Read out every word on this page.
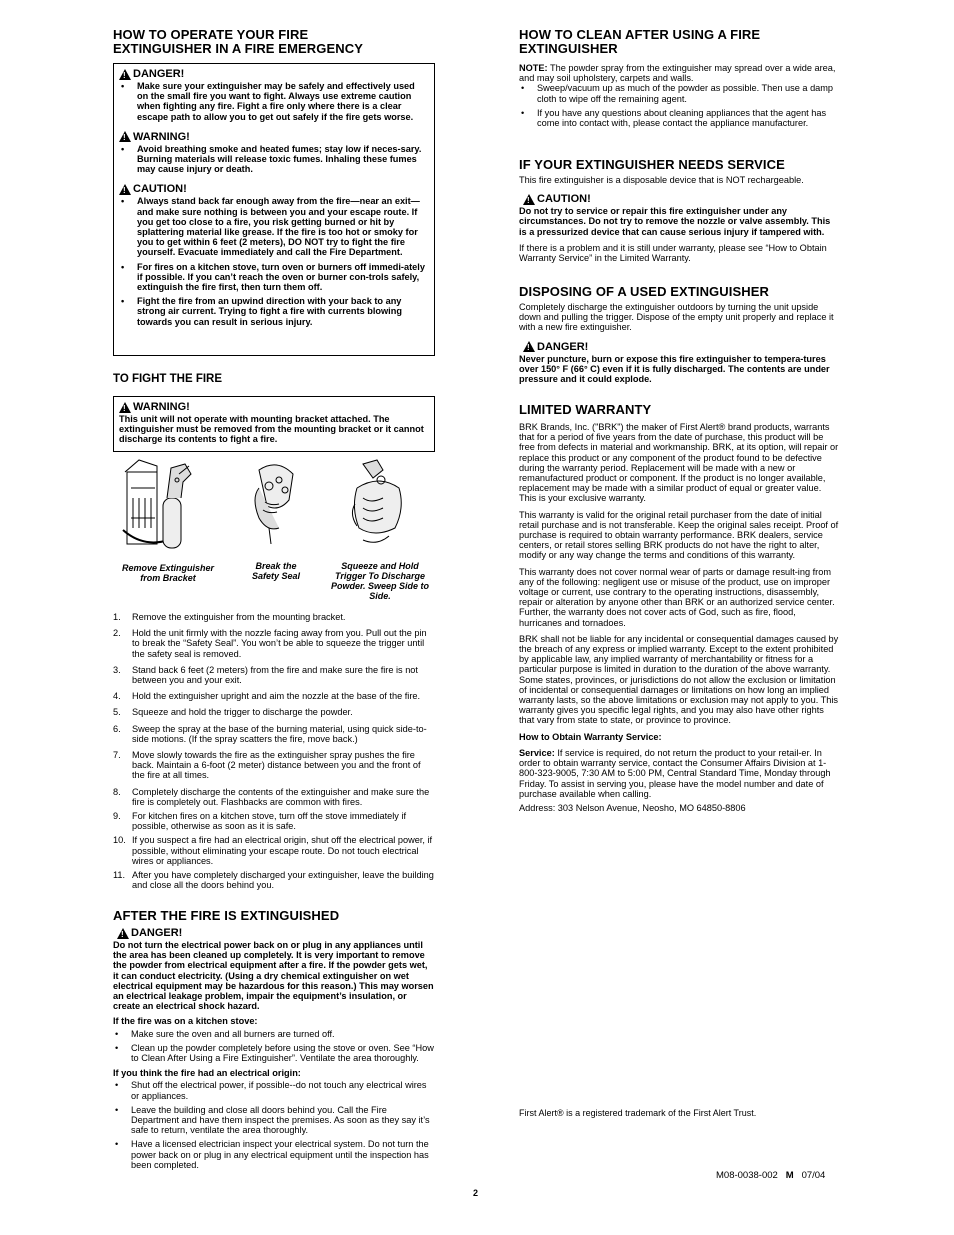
HOW TO OPERATE YOUR FIRE
EXTINGUISHER IN A FIRE EMERGENCY
!
DANGER!
• Make sure your extinguisher may be safely and effectively used on the small fire you want to fight. Always use extreme caution when fighting any fire. Fight a fire only where there is a clear escape path to allow you to get out safely if the fire gets worse.
!
WARNING!
• Avoid breathing smoke and heated fumes; stay low if neces-sary. Burning materials will release toxic fumes. Inhaling these fumes may cause injury or death.
!
CAUTION!
• Always stand back far enough away from the fire—near an exit—and make sure nothing is between you and your escape route. If you get too close to a fire, you risk getting burned or hit by splattering material like grease. If the fire is too hot or smoky for you to get within 6 feet (2 meters), DO NOT try to fight the fire yourself. Evacuate immediately and call the Fire Department.
• For fires on a kitchen stove, turn oven or burners off immedi-ately if possible. If you can’t reach the oven or burner con-trols safely, extinguish the fire first, then turn them off.
• Fight the fire from an upwind direction with your back to any strong air current. Trying to fight a fire with currents blowing towards you can result in serious injury.
TO FIGHT THE FIRE
!
WARNING!

This unit will not operate with mounting bracket attached. The extinguisher must be removed from the mounting bracket or it cannot discharge its contents to fight a fire.

Remove Extinguisher from Bracket
Break the Safety Seal
Squeeze and Hold Trigger To Discharge Powder. Sweep Side to Side.
1. Remove the extinguisher from the mounting bracket.
2. Hold the unit firmly with the nozzle facing away from you. Pull out the pin to break the “Safety Seal”. You won’t be able to squeeze the trigger until the safety seal is removed.
3. Stand back 6 feet (2 meters) from the fire and make sure the fire is not between you and your exit.
4. Hold the extinguisher upright and aim the nozzle at the base of the fire.
5. Squeeze and hold the trigger to discharge the powder.
6. Sweep the spray at the base of the burning material, using quick side-to-side motions. (If the spray scatters the fire, move back.)
7. Move slowly towards the fire as the extinguisher spray pushes the fire back. Maintain a 6-foot (2 meter) distance between you and the front of the fire at all times.
8. Completely discharge the contents of the extinguisher and make sure the fire is completely out. Flashbacks are common with fires.
9. For kitchen fires on a kitchen stove, turn off the stove immediately if possible, otherwise as soon as it is safe.
10. If you suspect a fire had an electrical origin, shut off the electrical power, if possible, without eliminating your escape route. Do not touch electrical wires or appliances.
11. After you have completely discharged your extinguisher, leave the building and close all the doors behind you.
AFTER THE FIRE IS EXTINGUISHED
!
DANGER!

Do not turn the electrical power back on or plug in any appliances until the area has been cleaned up completely. It is very important to remove the powder from electrical equipment after a fire. If the powder gets wet, it can conduct electricity. (Using a dry chemical extinguisher on wet electrical equipment may be hazardous for this reason.) This may worsen an electrical leakage problem, impair the equipment’s insulation, or create an electrical shock hazard.

If the fire was on a kitchen stove:

• Make sure the oven and all burners are turned off.
• Clean up the powder completely before using the stove or oven. See “How to Clean After Using a Fire Extinguisher”. Ventilate the area thoroughly.

If you think the fire had an electrical origin:

• Shut off the electrical power, if possible--do not touch any electrical wires or appliances.
• Leave the building and close all doors behind you. Call the Fire Department and have them inspect the premises. As soon as they say it’s safe to return, ventilate the area thoroughly.
• Have a licensed electrician inspect your electrical system. Do not turn the power back on or plug in any electrical equipment until the inspection has been completed.
HOW TO CLEAN AFTER USING A FIRE
EXTINGUISHER

NOTE: The powder spray from the extinguisher may spread over a wide area, and may soil upholstery, carpets and walls.

• Sweep/vacuum up as much of the powder as possible. Then use a damp cloth to wipe off the remaining agent.
• If you have any questions about cleaning appliances that the agent has come into contact with, please contact the appliance manufacturer.
IF YOUR EXTINGUISHER NEEDS SERVICE

This fire extinguisher is a disposable device that is NOT rechargeable.

!
CAUTION!

Do not try to service or repair this fire extinguisher under any circumstances. Do not try to remove the nozzle or valve assembly. This is a pressurized device that can cause serious injury if tampered with.

If there is a problem and it is still under warranty, please see “How to Obtain Warranty Service” in the Limited Warranty.

DISPOSING OF A USED EXTINGUISHER

Completely discharge the extinguisher outdoors by turning the unit upside down and pulling the trigger. Dispose of the empty unit properly and replace it with a new fire extinguisher.

!
DANGER!

Never puncture, burn or expose this fire extinguisher to tempera-tures over 150° F (66° C) even if it is fully discharged. The contents are under pressure and it could explode.

LIMITED WARRANTY

BRK Brands, Inc. ("BRK") the maker of First Alert® brand products, warrants that for a period of five years from the date of purchase, this product will be free from defects in material and workmanship. BRK, at its option, will repair or replace this product or any component of the product found to be defective during the warranty period. Replacement will be made with a new or remanufactured product or component. If the product is no longer available, replacement may be made with a similar product of equal or greater value. This is your exclusive warranty.

This warranty is valid for the original retail purchaser from the date of initial retail purchase and is not transferable. Keep the original sales receipt. Proof of purchase is required to obtain warranty performance. BRK dealers, service centers, or retail stores selling BRK products do not have the right to alter, modify or any way change the terms and conditions of this warranty.

This warranty does not cover normal wear of parts or damage result-ing from any of the following: negligent use or misuse of the product, use on improper voltage or current, use contrary to the operating instructions, disassembly, repair or alteration by anyone other than BRK or an authorized service center. Further, the warranty does not cover acts of God, such as fire, flood, hurricanes and tornadoes.

BRK shall not be liable for any incidental or consequential damages caused by the breach of any express or implied warranty. Except to the extent prohibited by applicable law, any implied warranty of merchantability or fitness for a particular purpose is limited in duration to the duration of the above warranty. Some states, provinces, or jurisdictions do not allow the exclusion or limitation of incidental or consequential damages or limitations on how long an implied warranty lasts, so the above limitations or exclusion may not apply to you. This warranty gives you specific legal rights, and you may also have other rights that vary from state to state, or province to province.

How to Obtain Warranty Service:

Service: If service is required, do not return the product to your retail-er. In order to obtain warranty service, contact the Consumer Affairs Division at 1-800-323-9005, 7:30 AM to 5:00 PM, Central Standard Time, Monday through Friday. To assist in serving you, please have the model number and date of purchase available when calling.

Address: 303 Nelson Avenue, Neosho, MO 64850-8806

First Alert® is a registered trademark of the First Alert Trust.

M08-0038-002 M 07/04

2
